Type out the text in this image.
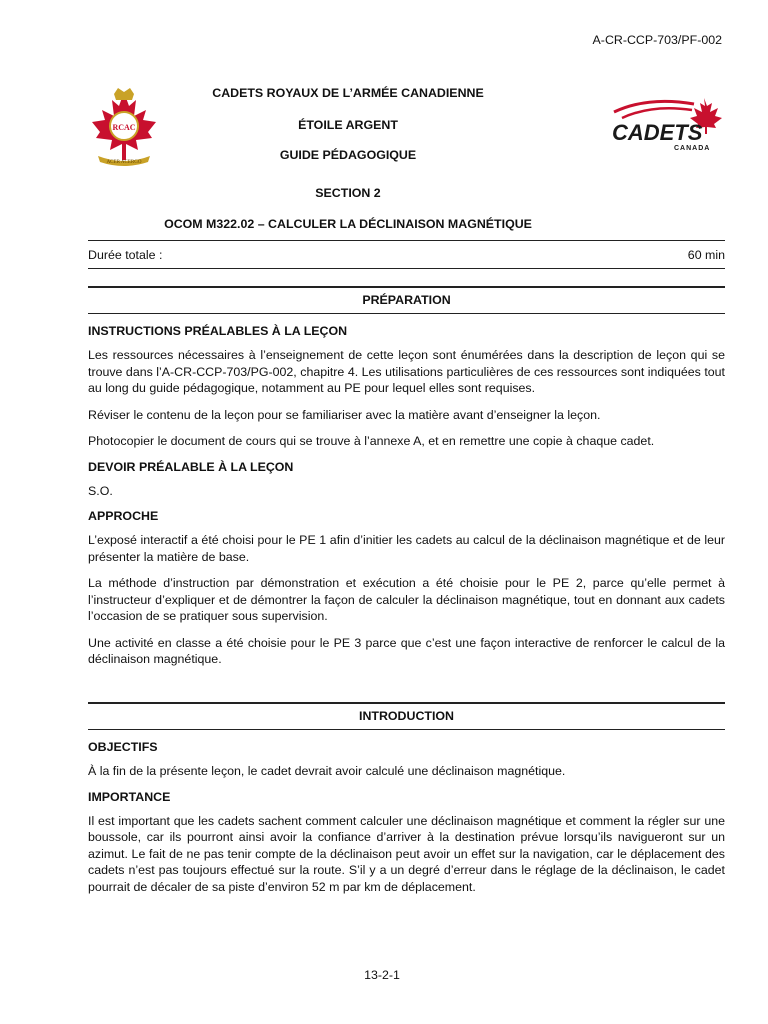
A-CR-CCP-703/PF-002
RCAC
ACER ACERGO
CADETS
CANADA
CADETS ROYAUX DE L’ARMÉE CANADIENNE
ÉTOILE ARGENT
GUIDE PÉDAGOGIQUE
SECTION 2
OCOM M322.02 – CALCULER LA DÉCLINAISON MAGNÉTIQUE
Durée totale :	60 min
PRÉPARATION
INSTRUCTIONS PRÉALABLES À LA LEÇON

Les ressources nécessaires à l’enseignement de cette leçon sont énumérées dans la description de leçon qui se trouve dans l’A-CR-CCP-703/PG-002, chapitre 4. Les utilisations particulières de ces ressources sont indiquées tout au long du guide pédagogique, notamment au PE pour lequel elles sont requises.

Réviser le contenu de la leçon pour se familiariser avec la matière avant d’enseigner la leçon.

Photocopier le document de cours qui se trouve à l’annexe A, et en remettre une copie à chaque cadet.

DEVOIR PRÉALABLE À LA LEÇON

S.O.

APPROCHE

L’exposé interactif a été choisi pour le PE 1 afin d’initier les cadets au calcul de la déclinaison magnétique et de leur présenter la matière de base.

La méthode d’instruction par démonstration et exécution a été choisie pour le PE 2, parce qu’elle permet à l’instructeur d’expliquer et de démontrer la façon de calculer la déclinaison magnétique, tout en donnant aux cadets l’occasion de se pratiquer sous supervision.

Une activité en classe a été choisie pour le PE 3 parce que c’est une façon interactive de renforcer le calcul de la déclinaison magnétique.

INTRODUCTION
OBJECTIFS

À la fin de la présente leçon, le cadet devrait avoir calculé une déclinaison magnétique.

IMPORTANCE

Il est important que les cadets sachent comment calculer une déclinaison magnétique et comment la régler sur une boussole, car ils pourront ainsi avoir la confiance d’arriver à la destination prévue lorsqu’ils navigueront sur un azimut. Le fait de ne pas tenir compte de la déclinaison peut avoir un effet sur la navigation, car le déplacement des cadets n’est pas toujours effectué sur la route. S’il y a un degré d’erreur dans le réglage de la déclinaison, le cadet pourrait de décaler de sa piste d’environ 52 m par km de déplacement.

13-2-1
